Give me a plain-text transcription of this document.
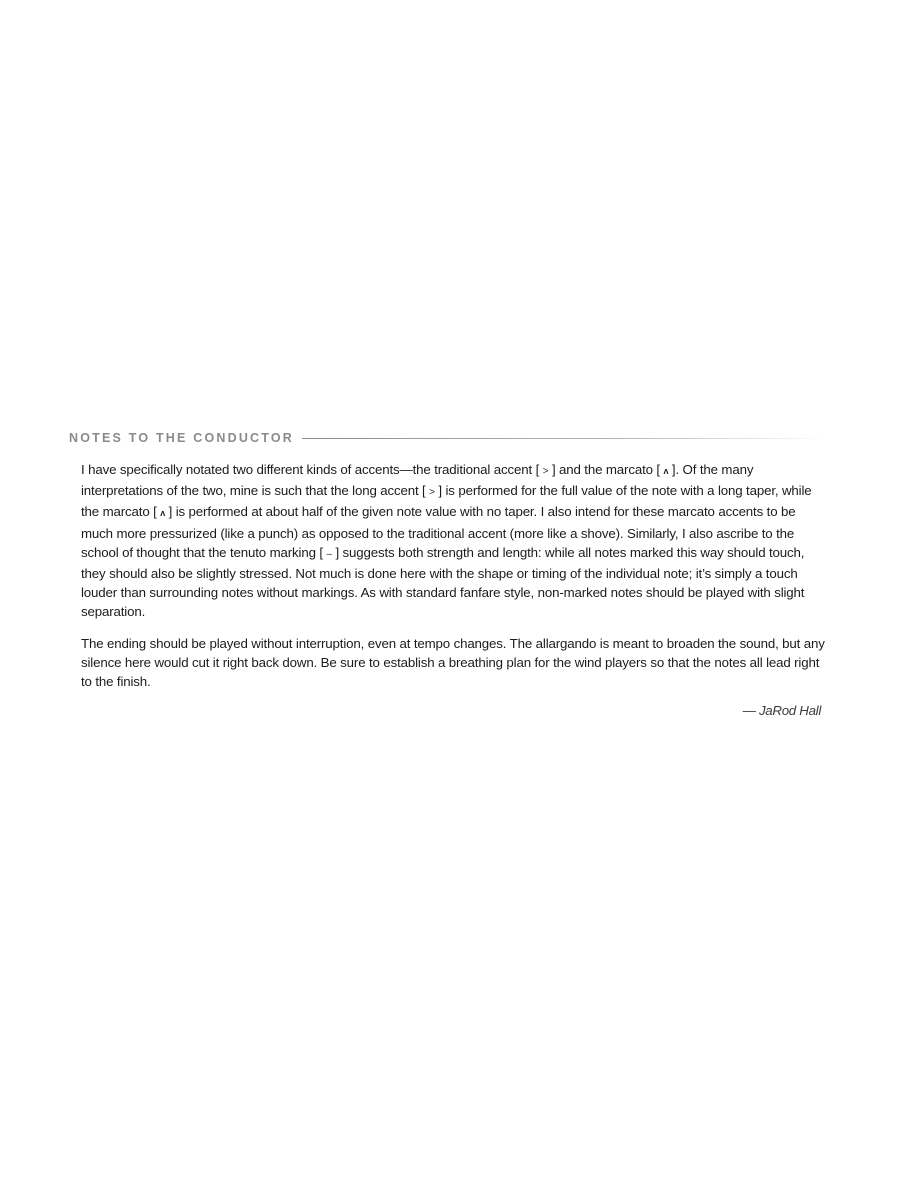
NOTES TO THE CONDUCTOR

I have specifically notated two different kinds of accents—the traditional accent [ > ] and the marcato [ ʌ ]. Of the many interpretations of the two, mine is such that the long accent [ > ] is performed for the full value of the note with a long taper, while the marcato [ ʌ ] is performed at about half of the given note value with no taper. I also intend for these marcato accents to be much more pressurized (like a punch) as opposed to the traditional accent (more like a shove). Similarly, I also ascribe to the school of thought that the tenuto marking [ – ] suggests both strength and length: while all notes marked this way should touch, they should also be slightly stressed. Not much is done here with the shape or timing of the individual note; it’s simply a touch louder than surrounding notes without markings. As with standard fanfare style, non-marked notes should be played with slight separation.

The ending should be played without interruption, even at tempo changes. The allargando is meant to broaden the sound, but any silence here would cut it right back down. Be sure to establish a breathing plan for the wind players so that the notes all lead right to the finish.

— JaRod Hall
